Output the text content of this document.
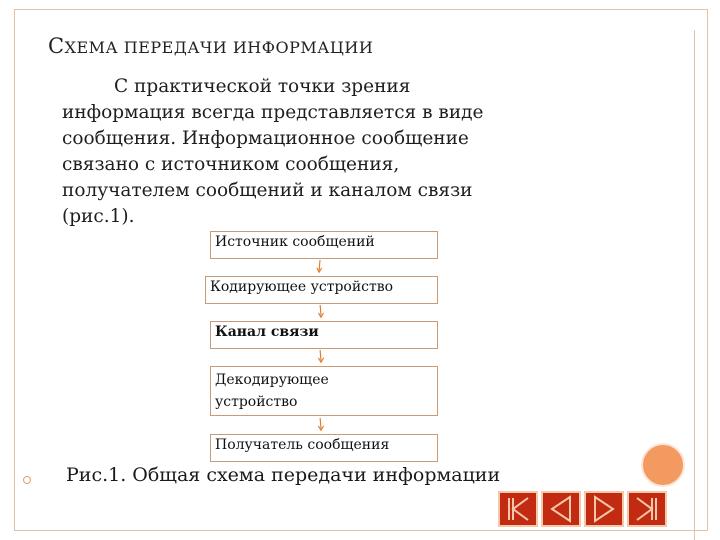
СХЕМА ПЕРЕДАЧИ ИНФОРМАЦИИ
С практической точки зрения
информация всегда представляется в виде
сообщения. Информационное сообщение
связано с источником сообщения,
получателем сообщений и каналом связи
(рис.1).
Источник сообщений
Кодирующее устройство
Канал связи
Декодирующее устройство
Получатель сообщения
Рис.1. Общая схема передачи информации
